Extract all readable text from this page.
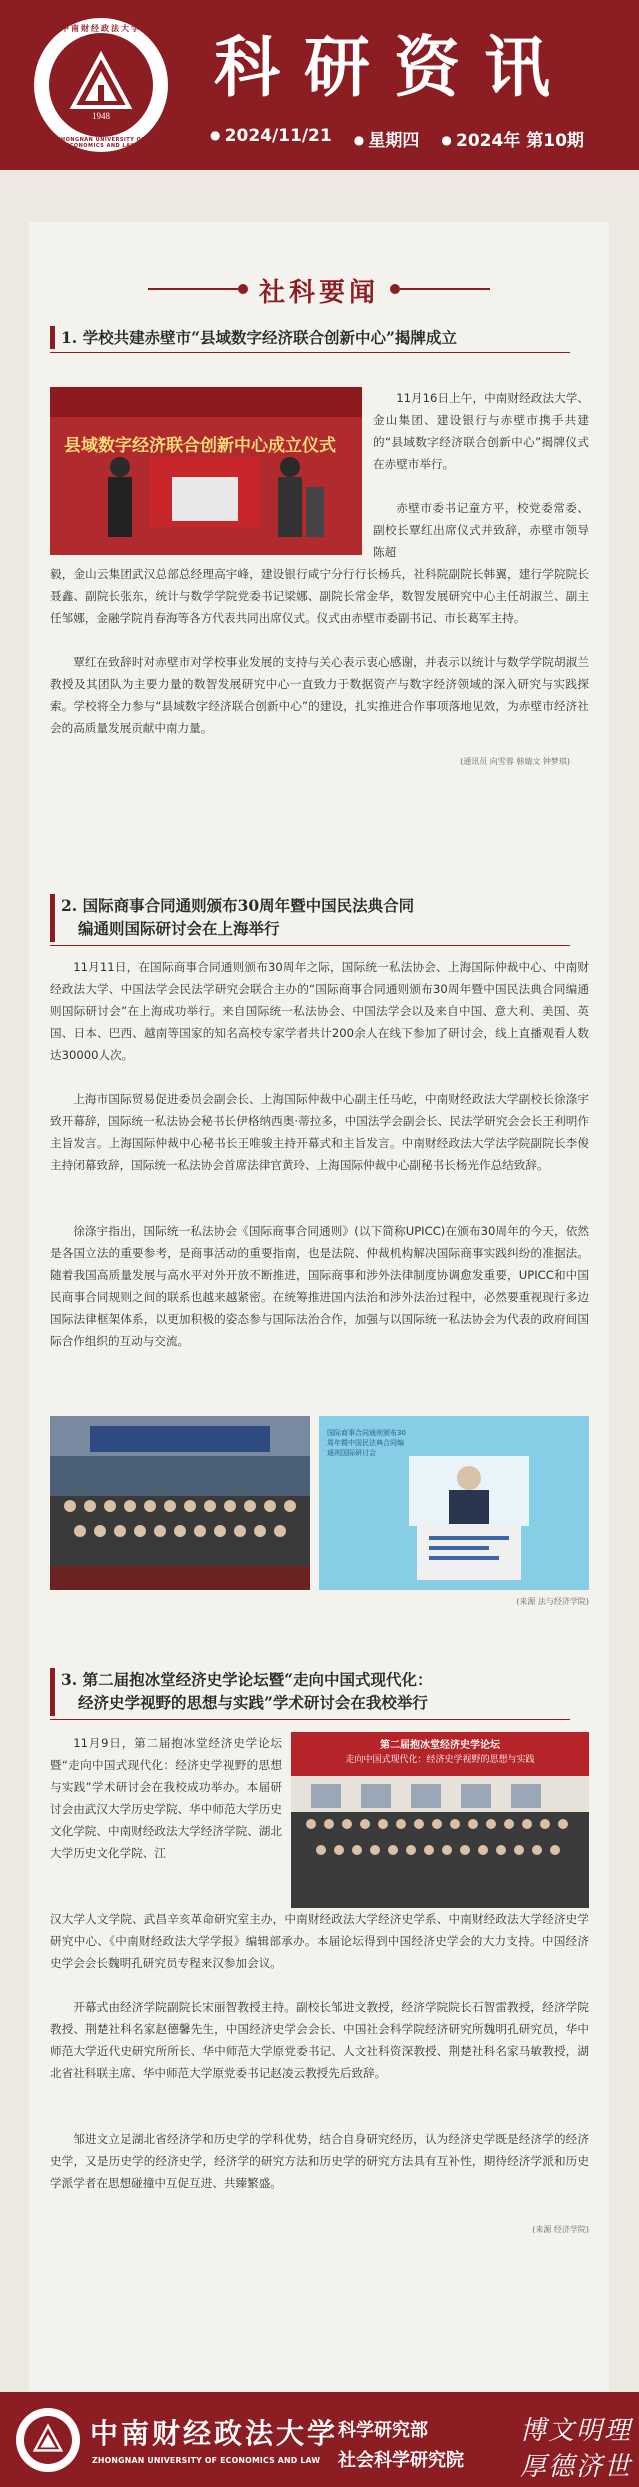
中南财经政法大学
1948
ZHONGNAN UNIVERSITY OF ECONOMICS AND LAW
科研资讯
● 2024/11/21	● 星期四	● 2024年 第10期
社科要闻
1. 学校共建赤壁市“县域数字经济联合创新中心”揭牌成立
县域数字经济联合创新中心成立仪式
11月16日上午，中南财经政法大学、金山集团、建设银行与赤壁市携手共建的“县域数字经济联合创新中心”揭牌仪式在赤壁市举行。
赤壁市委书记童方平，校党委常委、副校长覃红出席仪式并致辞，赤壁市领导陈超
毅，金山云集团武汉总部总经理高宇峰，建设银行咸宁分行行长杨兵，社科院副院长韩翼，建行学院院长聂鑫、副院长张东，统计与数学学院党委书记梁娜、副院长常金华，数智发展研究中心主任胡淑兰、副主任邹娜，金融学院肖春海等各方代表共同出席仪式。仪式由赤壁市委副书记、市长葛军主持。
覃红在致辞时对赤壁市对学校事业发展的支持与关心表示衷心感谢，并表示以统计与数学学院胡淑兰教授及其团队为主要力量的数智发展研究中心一直致力于数据资产与数字经济领域的深入研究与实践探索。学校将全力参与“县域数字经济联合创新中心”的建设，扎实推进合作事项落地见效，为赤壁市经济社会的高质量发展贡献中南力量。
(通讯员 向雪蓉 韩婧文 钟梦琪)
2. 国际商事合同通则颁布30周年暨中国民法典合同
编通则国际研讨会在上海举行
11月11日，在国际商事合同通则颁布30周年之际，国际统一私法协会、上海国际仲裁中心、中南财经政法大学、中国法学会民法学研究会联合主办的“国际商事合同通则颁布30周年暨中国民法典合同编通则国际研讨会”在上海成功举行。来自国际统一私法协会、中国法学会以及来自中国、意大利、美国、英国、日本、巴西、越南等国家的知名高校专家学者共计200余人在线下参加了研讨会，线上直播观看人数达30000人次。
上海市国际贸易促进委员会副会长、上海国际仲裁中心副主任马屹，中南财经政法大学副校长徐涤宇致开幕辞，国际统一私法协会秘书长伊格纳西奥·蒂拉多，中国法学会副会长、民法学研究会会长王利明作主旨发言。上海国际仲裁中心秘书长王唯骏主持开幕式和主旨发言。中南财经政法大学法学院副院长李俊主持闭幕致辞，国际统一私法协会首席法律官黄玲、上海国际仲裁中心副秘书长杨光作总结致辞。
徐涤宇指出，国际统一私法协会《国际商事合同通则》(以下简称UPICC)在颁布30周年的今天，依然是各国立法的重要参考，是商事活动的重要指南，也是法院、仲裁机构解决国际商事实践纠纷的准据法。随着我国高质量发展与高水平对外开放不断推进，国际商事和涉外法律制度协调愈发重要，UPICC和中国民商事合同规则之间的联系也越来越紧密。在统筹推进国内法治和涉外法治过程中，必然要重视现行多边国际法律框架体系，以更加积极的姿态参与国际法治合作，加强与以国际统一私法协会为代表的政府间国际合作组织的互动与交流。
国际商事合同通则颁布30周年暨中国民法典合同编通则国际研讨会
(来源 法与经济学院)
3. 第二届抱冰堂经济史学论坛暨“走向中国式现代化：
经济史学视野的思想与实践”学术研讨会在我校举行
11月9日，第二届抱冰堂经济史学论坛暨“走向中国式现代化：经济史学视野的思想与实践”学术研讨会在我校成功举办。本届研讨会由武汉大学历史学院、华中师范大学历史文化学院、中南财经政法大学经济学院、湖北大学历史文化学院、江
第二届抱冰堂经济史学论坛
走向中国式现代化：经济史学视野的思想与实践
汉大学人文学院、武昌辛亥革命研究室主办，中南财经政法大学经济史学系、中南财经政法大学经济史学研究中心、《中南财经政法大学学报》编辑部承办。本届论坛得到中国经济史学会的大力支持。中国经济史学会会长魏明孔研究员专程来汉参加会议。
开幕式由经济学院副院长宋丽智教授主持。副校长邹进文教授，经济学院院长石智雷教授，经济学院教授、荆楚社科名家赵德馨先生，中国经济史学会会长、中国社会科学院经济研究所魏明孔研究员，华中师范大学近代史研究所所长、华中师范大学原党委书记、人文社科资深教授、荆楚社科名家马敏教授，湖北省社科联主席、华中师范大学原党委书记赵凌云教授先后致辞。
邹进文立足湖北省经济学和历史学的学科优势，结合自身研究经历，认为经济史学既是经济学的经济史学，又是历史学的经济史学，经济学的研究方法和历史学的研究方法具有互补性，期待经济学派和历史学派学者在思想碰撞中互促互进、共臻繁盛。
(来源 经济学院)
中南财经政法大学
ZHONGNAN UNIVERSITY OF ECONOMICS AND LAW
科学研究部
社会科学研究院
博文明理
厚德济世
